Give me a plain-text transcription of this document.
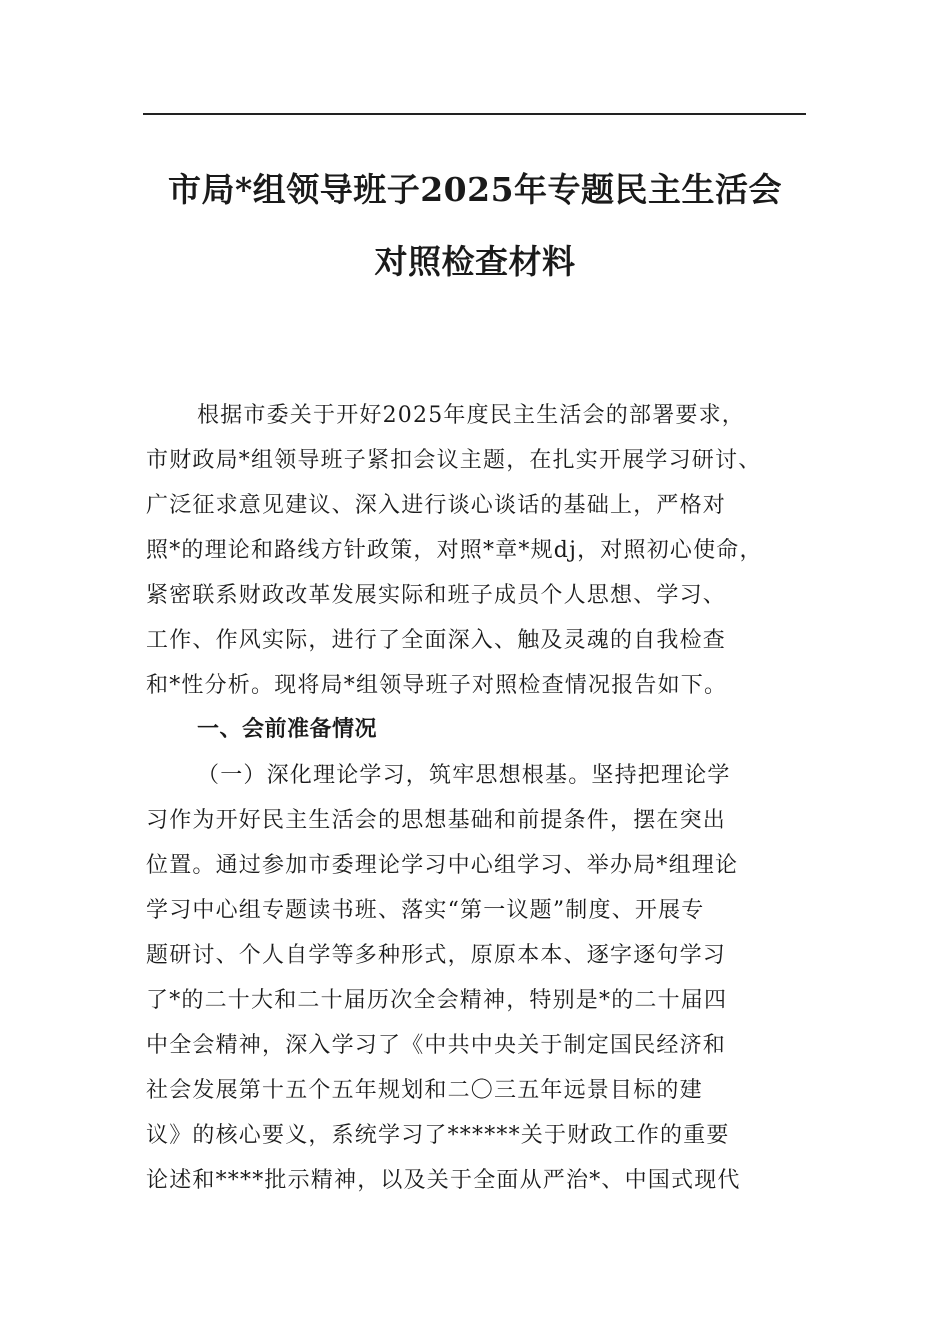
市局*组领导班子2025年专题民主生活会
对照检查材料
根据市委关于开好2025年度民主生活会的部署要求，
市财政局*组领导班子紧扣会议主题，在扎实开展学习研讨、
广泛征求意见建议、深入进行谈心谈话的基础上，严格对
照*的理论和路线方针政策，对照*章*规dj，对照初心使命，
紧密联系财政改革发展实际和班子成员个人思想、学习、
工作、作风实际，进行了全面深入、触及灵魂的自我检查
和*性分析。现将局*组领导班子对照检查情况报告如下。
一、会前准备情况
（一）深化理论学习，筑牢思想根基。坚持把理论学
习作为开好民主生活会的思想基础和前提条件，摆在突出
位置。通过参加市委理论学习中心组学习、举办局*组理论
学习中心组专题读书班、落实“第一议题”制度、开展专
题研讨、个人自学等多种形式，原原本本、逐字逐句学习
了*的二十大和二十届历次全会精神，特别是*的二十届四
中全会精神，深入学习了《中共中央关于制定国民经济和
社会发展第十五个五年规划和二〇三五年远景目标的建
议》的核心要义，系统学习了******关于财政工作的重要
论述和****批示精神，以及关于全面从严治*、中国式现代
